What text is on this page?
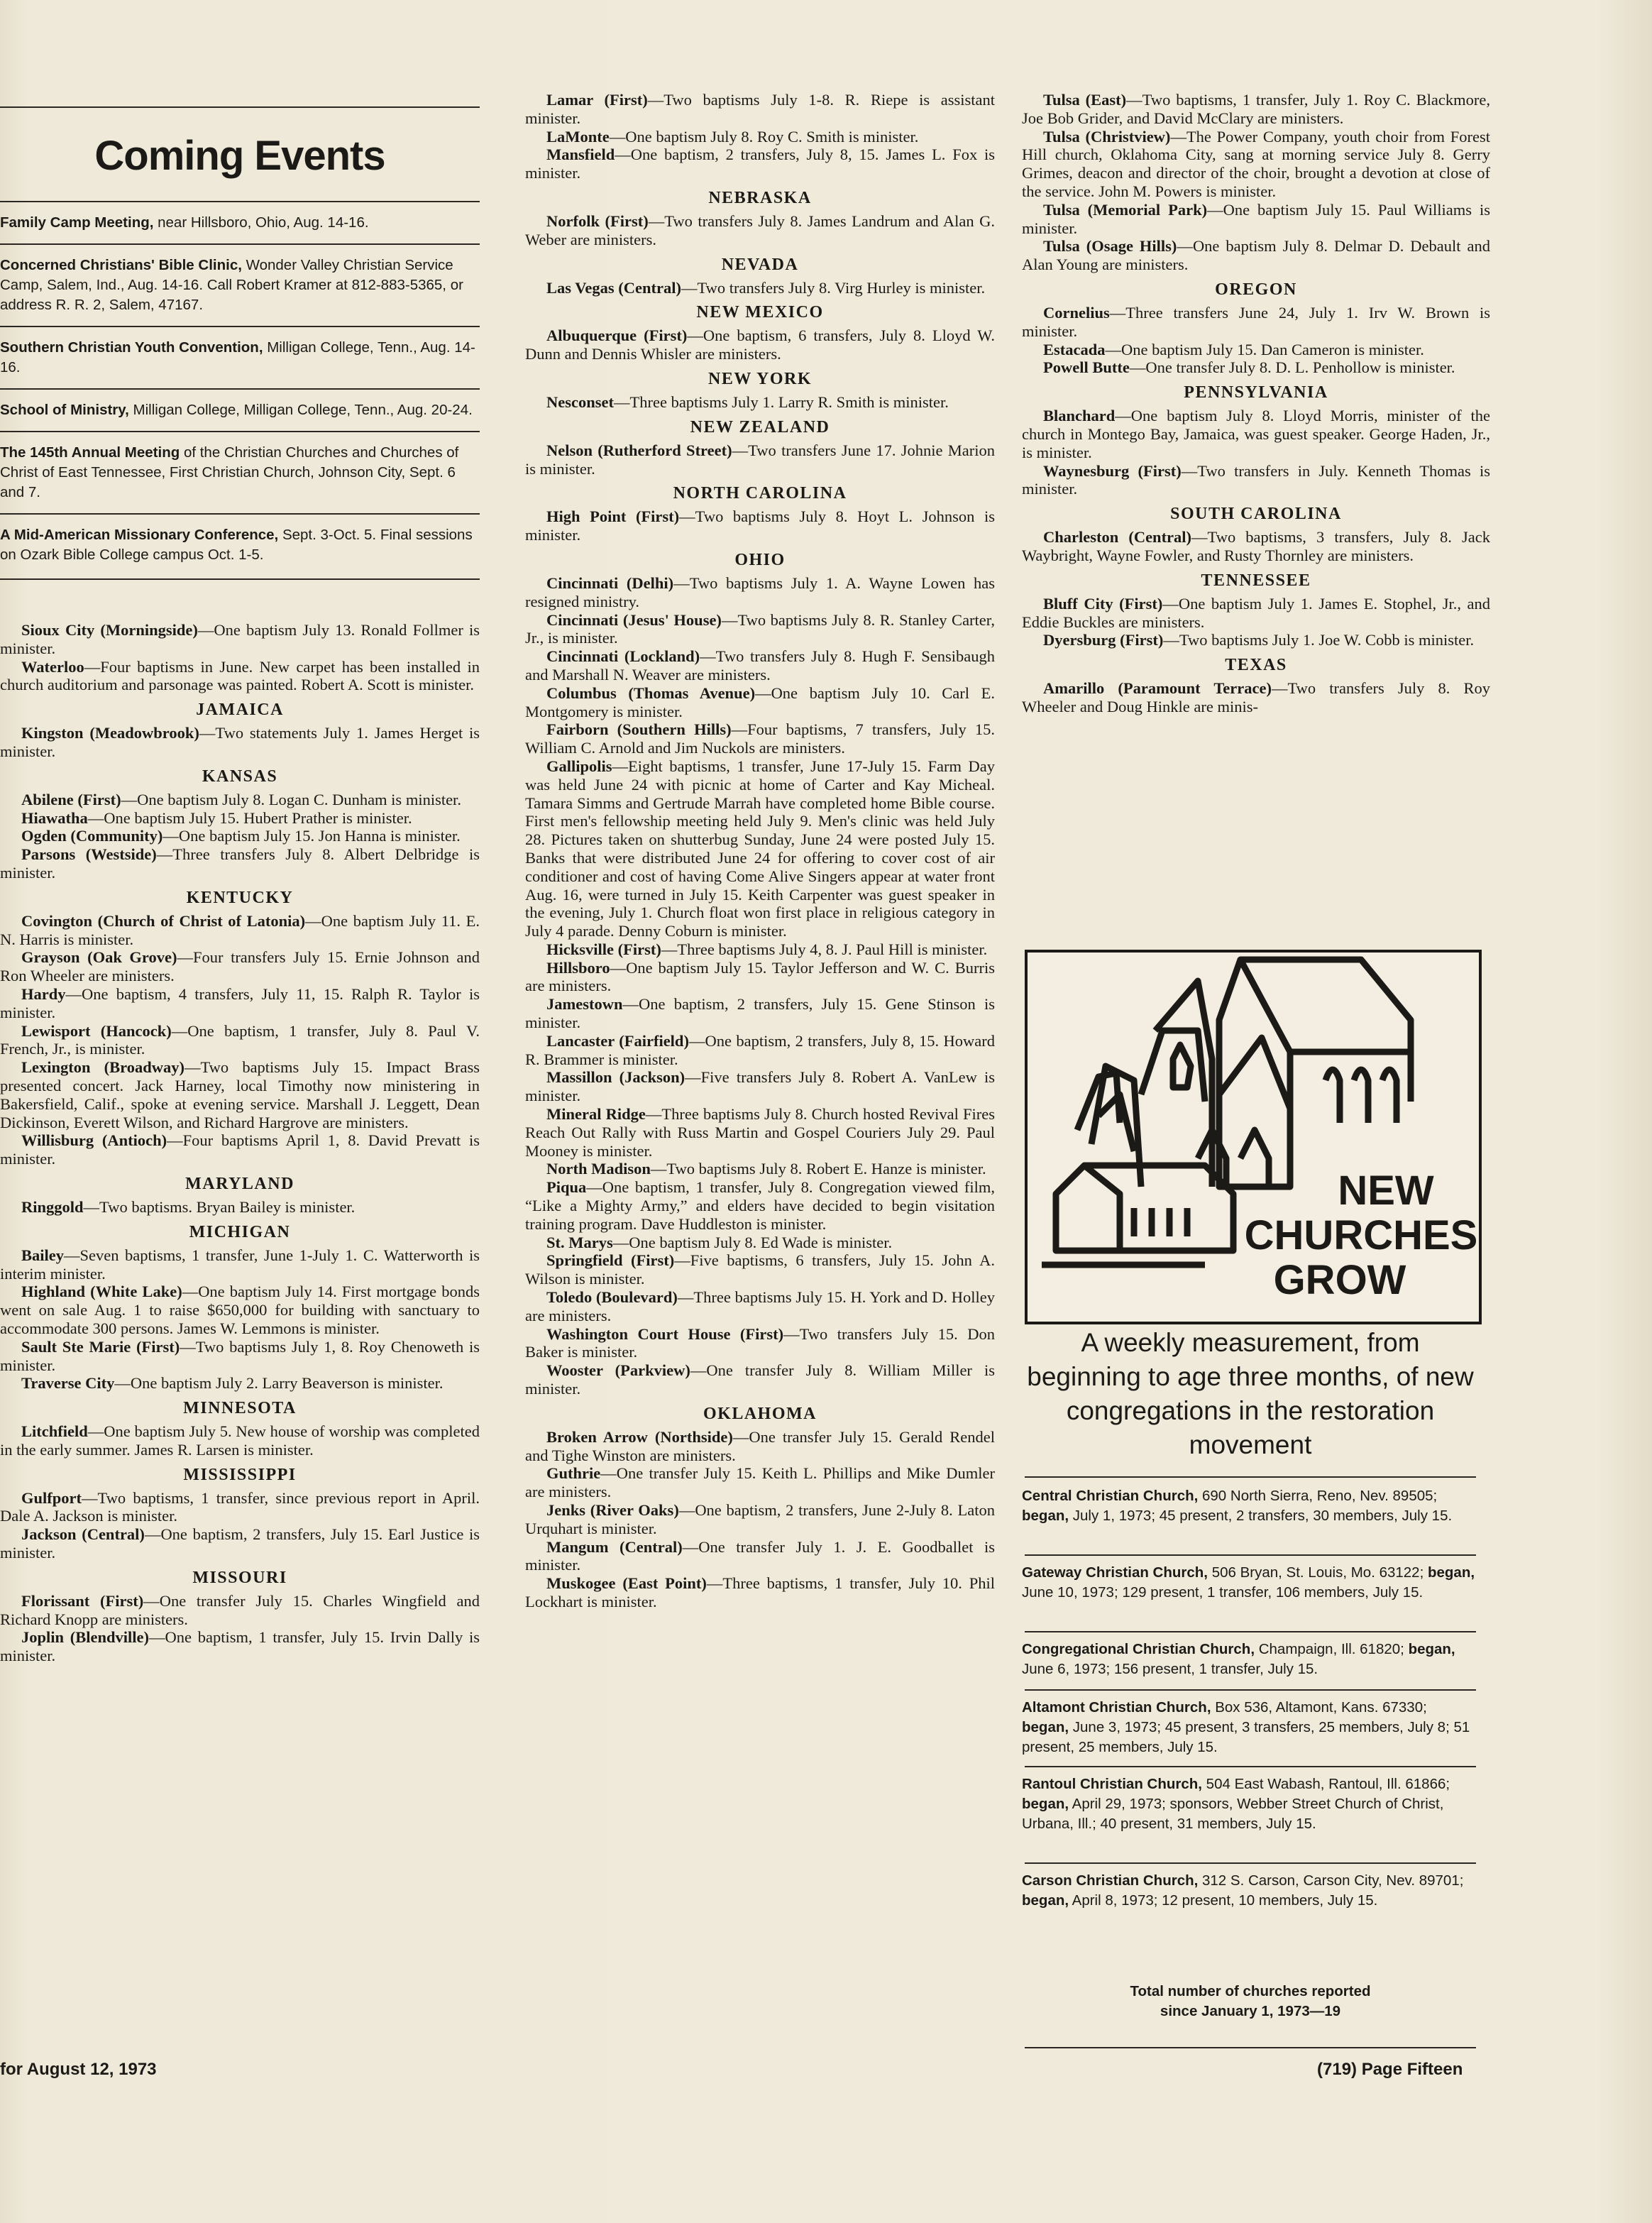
Coming Events
Family Camp Meeting, near Hillsboro, Ohio, Aug. 14-16.
Concerned Christians' Bible Clinic, Wonder Valley Christian Service Camp, Salem, Ind., Aug. 14-16. Call Robert Kramer at 812-883-5365, or address R. R. 2, Salem, 47167.
Southern Christian Youth Convention, Milligan College, Tenn., Aug. 14-16.
School of Ministry, Milligan College, Milligan College, Tenn., Aug. 20-24.
The 145th Annual Meeting of the Christian Churches and Churches of Christ of East Tennessee, First Christian Church, Johnson City, Sept. 6 and 7.
A Mid-American Missionary Conference, Sept. 3-Oct. 5. Final sessions on Ozark Bible College campus Oct. 1-5.

Sioux City (Morningside)—One baptism July 13. Ronald Follmer is minister.

Waterloo—Four baptisms in June. New carpet has been installed in church auditorium and parsonage was painted. Robert A. Scott is minister.

JAMAICA

Kingston (Meadowbrook)—Two statements July 1. James Herget is minister.

KANSAS

Abilene (First)—One baptism July 8. Logan C. Dunham is minister.

Hiawatha—One baptism July 15. Hubert Prather is minister.

Ogden (Community)—One baptism July 15. Jon Hanna is minister.

Parsons (Westside)—Three transfers July 8. Albert Delbridge is minister.

KENTUCKY

Covington (Church of Christ of Latonia)—One baptism July 11. E. N. Harris is minister.

Grayson (Oak Grove)—Four transfers July 15. Ernie Johnson and Ron Wheeler are ministers.

Hardy—One baptism, 4 transfers, July 11, 15. Ralph R. Taylor is minister.

Lewisport (Hancock)—One baptism, 1 transfer, July 8. Paul V. French, Jr., is minister.

Lexington (Broadway)—Two baptisms July 15. Impact Brass presented concert. Jack Harney, local Timothy now ministering in Bakersfield, Calif., spoke at evening service. Marshall J. Leggett, Dean Dickinson, Everett Wilson, and Richard Hargrove are ministers.

Willisburg (Antioch)—Four baptisms April 1, 8. David Prevatt is minister.

MARYLAND

Ringgold—Two baptisms. Bryan Bailey is minister.

MICHIGAN

Bailey—Seven baptisms, 1 transfer, June 1-July 1. C. Watterworth is interim minister.

Highland (White Lake)—One baptism July 14. First mortgage bonds went on sale Aug. 1 to raise $650,000 for building with sanctuary to accommodate 300 persons. James W. Lemmons is minister.

Sault Ste Marie (First)—Two baptisms July 1, 8. Roy Chenoweth is minister.

Traverse City—One baptism July 2. Larry Beaverson is minister.

MINNESOTA

Litchfield—One baptism July 5. New house of worship was completed in the early summer. James R. Larsen is minister.

MISSISSIPPI

Gulfport—Two baptisms, 1 transfer, since previous report in April. Dale A. Jackson is minister.

Jackson (Central)—One baptism, 2 transfers, July 15. Earl Justice is minister.

MISSOURI

Florissant (First)—One transfer July 15. Charles Wingfield and Richard Knopp are ministers.

Joplin (Blendville)—One baptism, 1 transfer, July 15. Irvin Dally is minister.

Lamar (First)—Two baptisms July 1-8. R. Riepe is assistant minister.

LaMonte—One baptism July 8. Roy C. Smith is minister.

Mansfield—One baptism, 2 transfers, July 8, 15. James L. Fox is minister.

NEBRASKA

Norfolk (First)—Two transfers July 8. James Landrum and Alan G. Weber are ministers.

NEVADA

Las Vegas (Central)—Two transfers July 8. Virg Hurley is minister.

NEW MEXICO

Albuquerque (First)—One baptism, 6 transfers, July 8. Lloyd W. Dunn and Dennis Whisler are ministers.

NEW YORK

Nesconset—Three baptisms July 1. Larry R. Smith is minister.

NEW ZEALAND

Nelson (Rutherford Street)—Two transfers June 17. Johnie Marion is minister.

NORTH CAROLINA

High Point (First)—Two baptisms July 8. Hoyt L. Johnson is minister.

OHIO

Cincinnati (Delhi)—Two baptisms July 1. A. Wayne Lowen has resigned ministry.

Cincinnati (Jesus' House)—Two baptisms July 8. R. Stanley Carter, Jr., is minister.

Cincinnati (Lockland)—Two transfers July 8. Hugh F. Sensibaugh and Marshall N. Weaver are ministers.

Columbus (Thomas Avenue)—One baptism July 10. Carl E. Montgomery is minister.

Fairborn (Southern Hills)—Four baptisms, 7 transfers, July 15. William C. Arnold and Jim Nuckols are ministers.

Gallipolis—Eight baptisms, 1 transfer, June 17-July 15. Farm Day was held June 24 with picnic at home of Carter and Kay Micheal. Tamara Simms and Gertrude Marrah have completed home Bible course. First men's fellowship meeting held July 9. Men's clinic was held July 28. Pictures taken on shutterbug Sunday, June 24 were posted July 15. Banks that were distributed June 24 for offering to cover cost of air conditioner and cost of having Come Alive Singers appear at water front Aug. 16, were turned in July 15. Keith Carpenter was guest speaker in the evening, July 1. Church float won first place in religious category in July 4 parade. Denny Coburn is minister.

Hicksville (First)—Three baptisms July 4, 8. J. Paul Hill is minister.

Hillsboro—One baptism July 15. Taylor Jefferson and W. C. Burris are ministers.

Jamestown—One baptism, 2 transfers, July 15. Gene Stinson is minister.

Lancaster (Fairfield)—One baptism, 2 transfers, July 8, 15. Howard R. Brammer is minister.

Massillon (Jackson)—Five transfers July 8. Robert A. VanLew is minister.

Mineral Ridge—Three baptisms July 8. Church hosted Revival Fires Reach Out Rally with Russ Martin and Gospel Couriers July 29. Paul Mooney is minister.

North Madison—Two baptisms July 8. Robert E. Hanze is minister.

Piqua—One baptism, 1 transfer, July 8. Congregation viewed film, “Like a Mighty Army,” and elders have decided to begin visitation training program. Dave Huddleston is minister.

St. Marys—One baptism July 8. Ed Wade is minister.

Springfield (First)—Five baptisms, 6 transfers, July 15. John A. Wilson is minister.

Toledo (Boulevard)—Three baptisms July 15. H. York and D. Holley are ministers.

Washington Court House (First)—Two transfers July 15. Don Baker is minister.

Wooster (Parkview)—One transfer July 8. William Miller is minister.

OKLAHOMA

Broken Arrow (Northside)—One transfer July 15. Gerald Rendel and Tighe Winston are ministers.

Guthrie—One transfer July 15. Keith L. Phillips and Mike Dumler are ministers.

Jenks (River Oaks)—One baptism, 2 transfers, June 2-July 8. Laton Urquhart is minister.

Mangum (Central)—One transfer July 1. J. E. Goodballet is minister.

Muskogee (East Point)—Three baptisms, 1 transfer, July 10. Phil Lockhart is minister.

Tulsa (East)—Two baptisms, 1 transfer, July 1. Roy C. Blackmore, Joe Bob Grider, and David McClary are ministers.

Tulsa (Christview)—The Power Company, youth choir from Forest Hill church, Oklahoma City, sang at morning service July 8. Gerry Grimes, deacon and director of the choir, brought a devotion at close of the service. John M. Powers is minister.

Tulsa (Memorial Park)—One baptism July 15. Paul Williams is minister.

Tulsa (Osage Hills)—One baptism July 8. Delmar D. Debault and Alan Young are ministers.

OREGON

Cornelius—Three transfers June 24, July 1. Irv W. Brown is minister.

Estacada—One baptism July 15. Dan Cameron is minister.

Powell Butte—One transfer July 8. D. L. Penhollow is minister.

PENNSYLVANIA

Blanchard—One baptism July 8. Lloyd Morris, minister of the church in Montego Bay, Jamaica, was guest speaker. George Haden, Jr., is minister.

Waynesburg (First)—Two transfers in July. Kenneth Thomas is minister.

SOUTH CAROLINA

Charleston (Central)—Two baptisms, 3 transfers, July 8. Jack Waybright, Wayne Fowler, and Rusty Thornley are ministers.

TENNESSEE

Bluff City (First)—One baptism July 1. James E. Stophel, Jr., and Eddie Buckles are ministers.

Dyersburg (First)—Two baptisms July 1. Joe W. Cobb is minister.

TEXAS

Amarillo (Paramount Terrace)—Two transfers July 8. Roy Wheeler and Doug Hinkle are minis-

NEW
CHURCHES
GROW
A weekly measurement, from beginning to age three months, of new congregations in the restoration movement
Central Christian Church, 690 North Sierra, Reno, Nev. 89505; began, July 1, 1973; 45 present, 2 transfers, 30 members, July 15.
Gateway Christian Church, 506 Bryan, St. Louis, Mo. 63122; began, June 10, 1973; 129 present, 1 transfer, 106 members, July 15.
Congregational Christian Church, Champaign, Ill. 61820; began, June 6, 1973; 156 present, 1 transfer, July 15.
Altamont Christian Church, Box 536, Altamont, Kans. 67330; began, June 3, 1973; 45 present, 3 transfers, 25 members, July 8; 51 present, 25 members, July 15.
Rantoul Christian Church, 504 East Wabash, Rantoul, Ill. 61866; began, April 29, 1973; sponsors, Webber Street Church of Christ, Urbana, Ill.; 40 present, 31 members, July 15.
Carson Christian Church, 312 S. Carson, Carson City, Nev. 89701; began, April 8, 1973; 12 present, 10 members, July 15.
Total number of churches reported
since January 1, 1973—19
for August 12, 1973	(719) Page Fifteen
